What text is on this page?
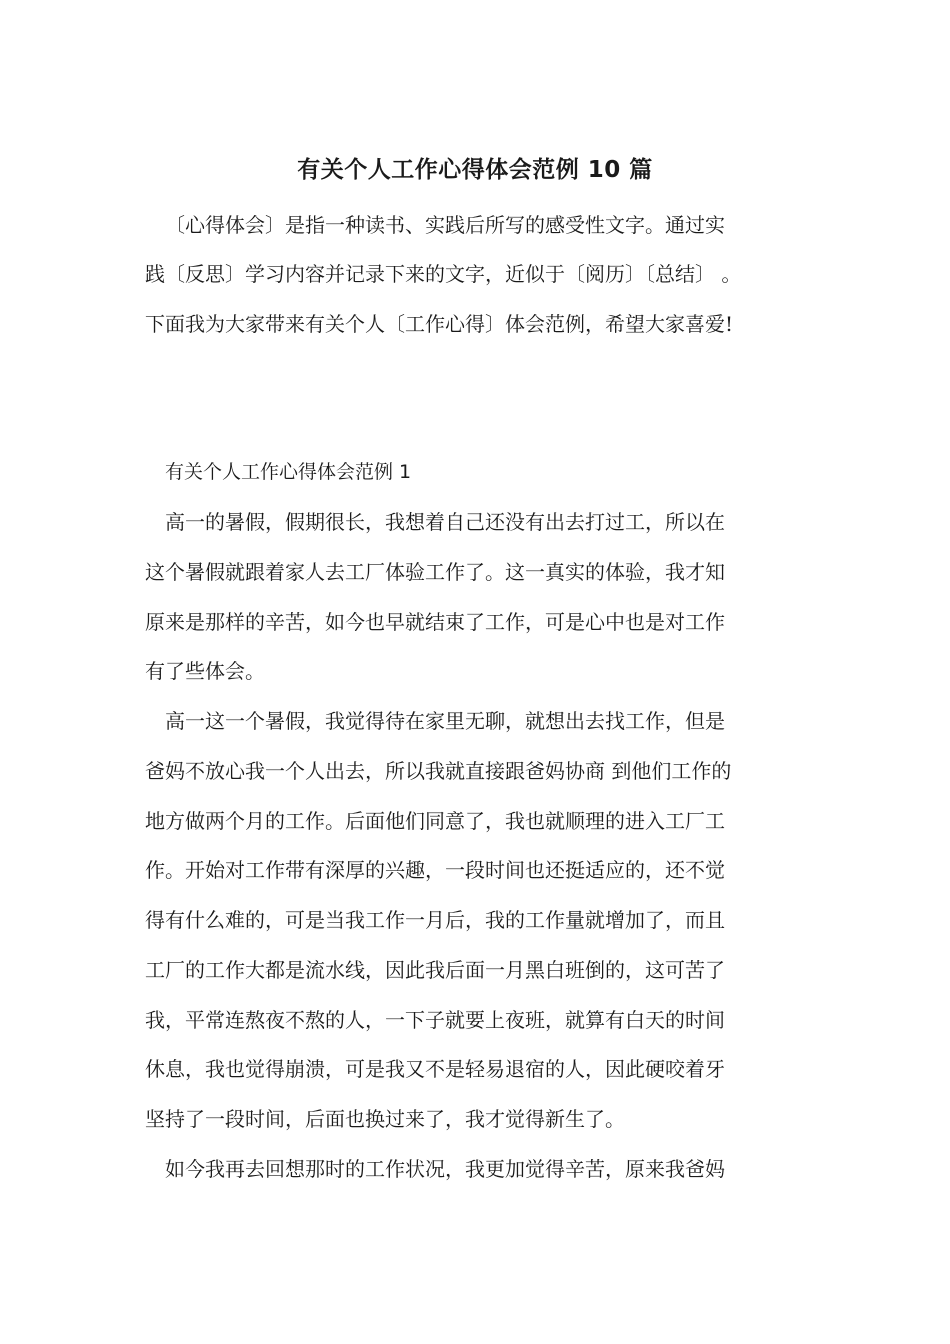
有关个人工作心得体会范例 10 篇
〔心得体会〕是指一种读书、实践后所写的感受性文字。通过实
践〔反思〕学习内容并记录下来的文字，近似于〔阅历〕〔总结〕 。
下面我为大家带来有关个人〔工作心得〕体会范例，希望大家喜爱!
有关个人工作心得体会范例 1
高一的暑假，假期很长，我想着自己还没有出去打过工，所以在
这个暑假就跟着家人去工厂体验工作了。这一真实的体验，我才知
原来是那样的辛苦，如今也早就结束了工作，可是心中也是对工作
有了些体会。
高一这一个暑假，我觉得待在家里无聊，就想出去找工作，但是
爸妈不放心我一个人出去，所以我就直接跟爸妈协商 到他们工作的
地方做两个月的工作。后面他们同意了，我也就顺理的进入工厂工
作。开始对工作带有深厚的兴趣，一段时间也还挺适应的，还不觉
得有什么难的，可是当我工作一月后，我的工作量就增加了，而且
工厂的工作大都是流水线，因此我后面一月黑白班倒的，这可苦了
我，平常连熬夜不熬的人，一下子就要上夜班，就算有白天的时间
休息，我也觉得崩溃，可是我又不是轻易退宿的人，因此硬咬着牙
坚持了一段时间，后面也换过来了，我才觉得新生了。
如今我再去回想那时的工作状况，我更加觉得辛苦，原来我爸妈
